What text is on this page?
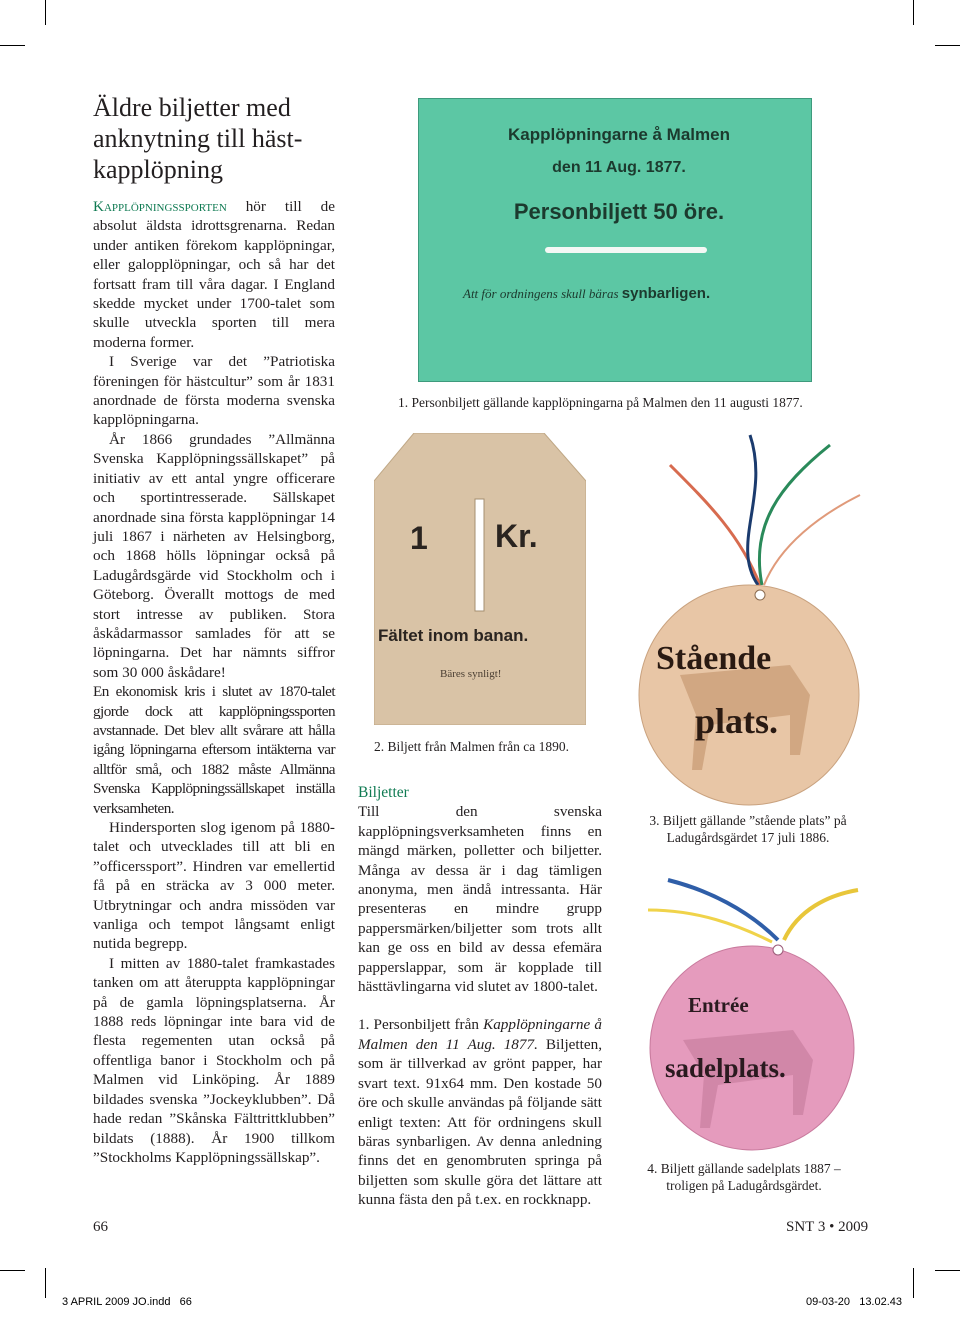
Äldre biljetter med anknytning till häst-kapplöpning

Kapplöpningssporten hör till de absolut äldsta idrottsgrenarna. Redan under antiken förekom kapplöpningar, eller galopplöpningar, och så har det fortsatt fram till våra dagar. I England skedde mycket under 1700-talet som skulle utveckla sporten till mera moderna former.

I Sverige var det ”Patriotiska föreningen för hästcultur” som år 1831 anordnade de första moderna svenska kapplöpningarna.

År 1866 grundades ”Allmänna Svenska Kapplöpningssällskapet” på initiativ av ett antal yngre officerare och sportintresserade. Sällskapet anordnade sina första kapplöpningar 14 juli 1867 i närheten av Helsingborg, och 1868 hölls löpningar också på Ladugårdsgärde vid Stockholm och i Göteborg. Överallt mottogs de med stort intresse av publiken. Stora åskådarmassor samlades för att se löpningarna. Det har nämnts siffror som 30 000 åskådare!

En ekonomisk kris i slutet av 1870-talet gjorde dock att kapplöpningssporten avstannade. Det blev allt svårare att hålla igång löpningarna eftersom intäkterna var alltför små, och 1882 måste Allmänna Svenska Kapplöpningssällskapet inställa verksamheten.

Hindersporten slog igenom på 1880-talet och utvecklades till att bli en ”officerssport”. Hindren var emellertid få på en sträcka av 3 000 meter. Utbrytningar och andra missöden var vanliga och tempot långsamt enligt nutida begrepp.

I mitten av 1880-talet framkastades tanken om att återuppta kapplöpningar på de gamla löpningsplatserna. År 1888 reds löpningar inte bara vid de flesta regementen utan också på offentliga banor i Stockholm och på Malmen vid Linköping. År 1889 bildades svenska ”Jockeyklubben”. Då hade redan ”Skånska Fälttrittklubben” bildats (1888). År 1900 tillkom ”Stockholms Kapplöpningssällskap”.

Kapplöpningarne å Malmen
den 11 Aug. 1877.
Personbiljett 50 öre.
Att för ordningens skull bäras synbarligen.
1. Personbiljett gällande kapplöpningarna på Malmen den 11 augusti 1877.
1 Kr.
Fältet inom banan.
Bäres synligt!
2. Biljett från Malmen från ca 1890.
Stående
plats.
3. Biljett gällande ”stående plats” på
Ladugårdsgärdet 17 juli 1886.

Biljetter

Till den svenska kapplöpningsverksamheten finns en mängd märken, polletter och biljetter. Många av dessa är i dag tämligen anonyma, men ändå intressanta. Här presenteras en mindre grupp pappersmärken/biljetter som trots allt kan ge oss en bild av dessa efemära papperslappar, som är kopplade till hästtävlingarna vid slutet av 1800-talet.

1. Personbiljett från Kapplöpningarne å Malmen den 11 Aug. 1877. Biljetten, som är tillverkad av grönt papper, har svart text. 91x64 mm. Den kostade 50 öre och skulle användas på följande sätt enligt texten: Att för ordningens skull bäras synbarligen. Av denna anledning finns det en genombruten springa på biljetten som skulle göra det lättare att kunna fästa den på t.ex. en rockknapp.

Entrée
sadelplats.
4. Biljett gällande sadelplats 1887 –
troligen på Ladugårdsgärdet.
66	SNT 3 • 2009
3 APRIL 2009 JO.indd   66	09-03-20   13.02.43
